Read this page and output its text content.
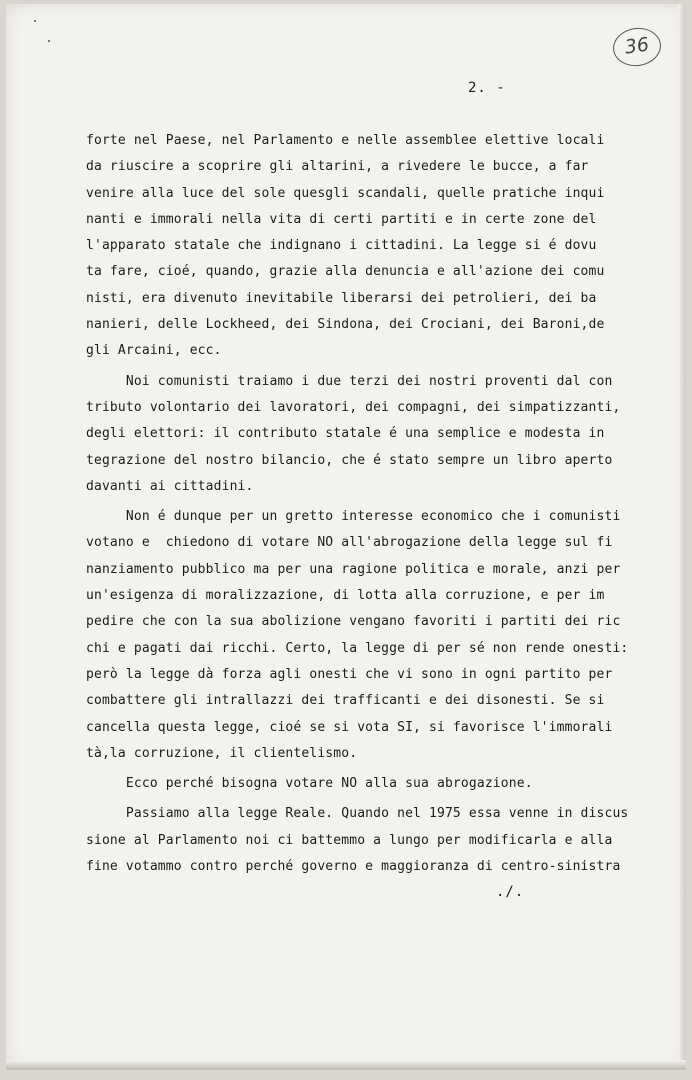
36
2. -
forte nel Paese, nel Parlamento e nelle assemblee elettive locali
da riuscire a scoprire gli altarini, a rivedere le bucce, a far
venire alla luce del sole quesgli scandali, quelle pratiche inqui
nanti e immorali nella vita di certi partiti e in certe zone del
l'apparato statale che indignano i cittadini. La legge si é dovu
ta fare, cioé, quando, grazie alla denuncia e all'azione dei comu
nisti, era divenuto inevitabile liberarsi dei petrolieri, dei ba
nanieri, delle Lockheed, dei Sindona, dei Crociani, dei Baroni,de
gli Arcaini, ecc.
Noi comunisti traiamo i due terzi dei nostri proventi dal con
tributo volontario dei lavoratori, dei compagni, dei simpatizzanti,
degli elettori: il contributo statale é una semplice e modesta in
tegrazione del nostro bilancio, che é stato sempre un libro aperto
davanti ai cittadini.
Non é dunque per un gretto interesse economico che i comunisti
votano e  chiedono di votare NO all'abrogazione della legge sul fi
nanziamento pubblico ma per una ragione politica e morale, anzi per
un'esigenza di moralizzazione, di lotta alla corruzione, e per im
pedire che con la sua abolizione vengano favoriti i partiti dei ric
chi e pagati dai ricchi. Certo, la legge di per sé non rende onesti:
però la legge dà forza agli onesti che vi sono in ogni partito per
combattere gli intrallazzi dei trafficanti e dei disonesti. Se si
cancella questa legge, cioé se si vota SI, si favorisce l'immorali
tà,la corruzione, il clientelismo.
Ecco perché bisogna votare NO alla sua abrogazione.
Passiamo alla legge Reale. Quando nel 1975 essa venne in discus
sione al Parlamento noi ci battemmo a lungo per modificarla e alla
fine votammo contro perché governo e maggioranza di centro-sinistra
./.
